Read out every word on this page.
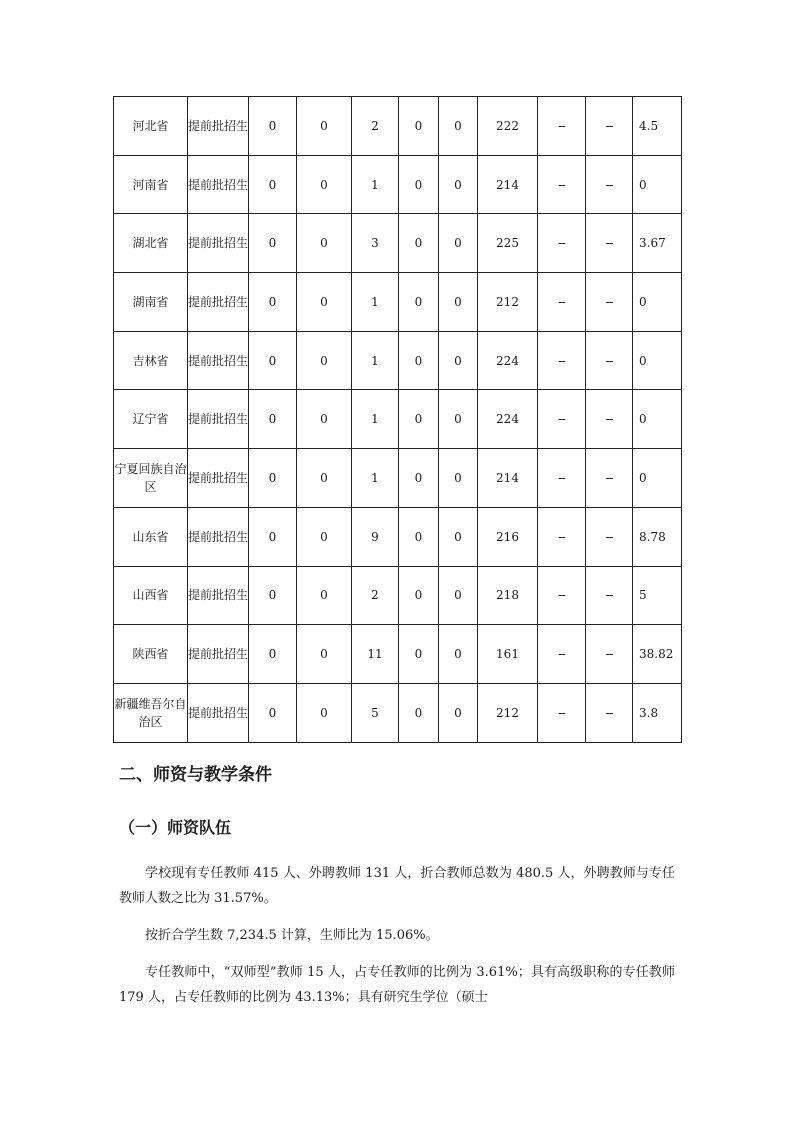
河北省	提前批招生	0	0	2	0	0	222	--	--	4.5
河南省	提前批招生	0	0	1	0	0	214	--	--	0
湖北省	提前批招生	0	0	3	0	0	225	--	--	3.67
湖南省	提前批招生	0	0	1	0	0	212	--	--	0
吉林省	提前批招生	0	0	1	0	0	224	--	--	0
辽宁省	提前批招生	0	0	1	0	0	224	--	--	0
宁夏回族自治区	提前批招生	0	0	1	0	0	214	--	--	0
山东省	提前批招生	0	0	9	0	0	216	--	--	8.78
山西省	提前批招生	0	0	2	0	0	218	--	--	5
陕西省	提前批招生	0	0	11	0	0	161	--	--	38.82
新疆维吾尔自治区	提前批招生	0	0	5	0	0	212	--	--	3.8
二、师资与教学条件
（一）师资队伍

学校现有专任教师 415 人、外聘教师 131 人，折合教师总数为 480.5 人，外聘教师与专任教师人数之比为 31.57%。

按折合学生数 7,234.5 计算，生师比为 15.06%。

专任教师中，“双师型”教师 15 人，占专任教师的比例为 3.61%；具有高级职称的专任教师 179 人，占专任教师的比例为 43.13%；具有研究生学位（硕士
